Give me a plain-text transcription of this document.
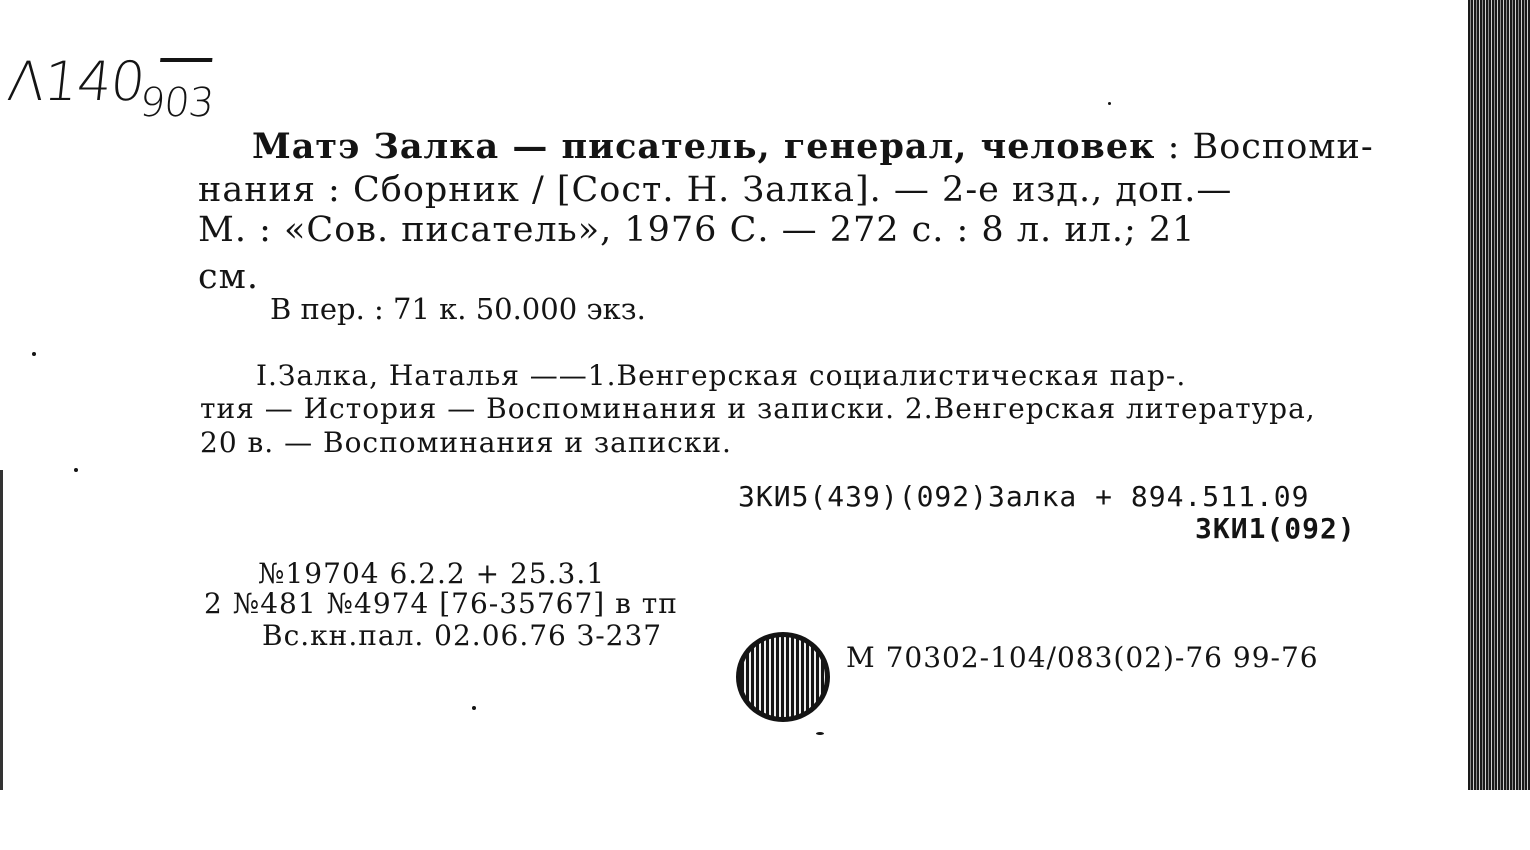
$\Lambda 140_{903}$
Матэ Залка — писатель, генерал, человек : Воспоми-
нания : Сборник / [Сост. Н. Залка]. — 2-е изд., доп.—
М. : «Сов. писатель», 1976 С. — 272 с. : 8 л. ил.; 21
см.
В пер. : 71 к. 50.000 экз.
I.Залка, Наталья ——1.Венгерская социалистическая пар-.
тия — История — Воспоминания и записки. 2.Венгерская литература,
20 в. — Воспоминания и записки.
3КИ5(439)(092)Залка + 894.511.09
3КИ1(092)
№19704 6.2.2 + 25.3.1
2 №481 №4974 [76-35767] в тп
Вс.кн.пал. 02.06.76 З-237
М 70302-104/083(02)-76 99-76
